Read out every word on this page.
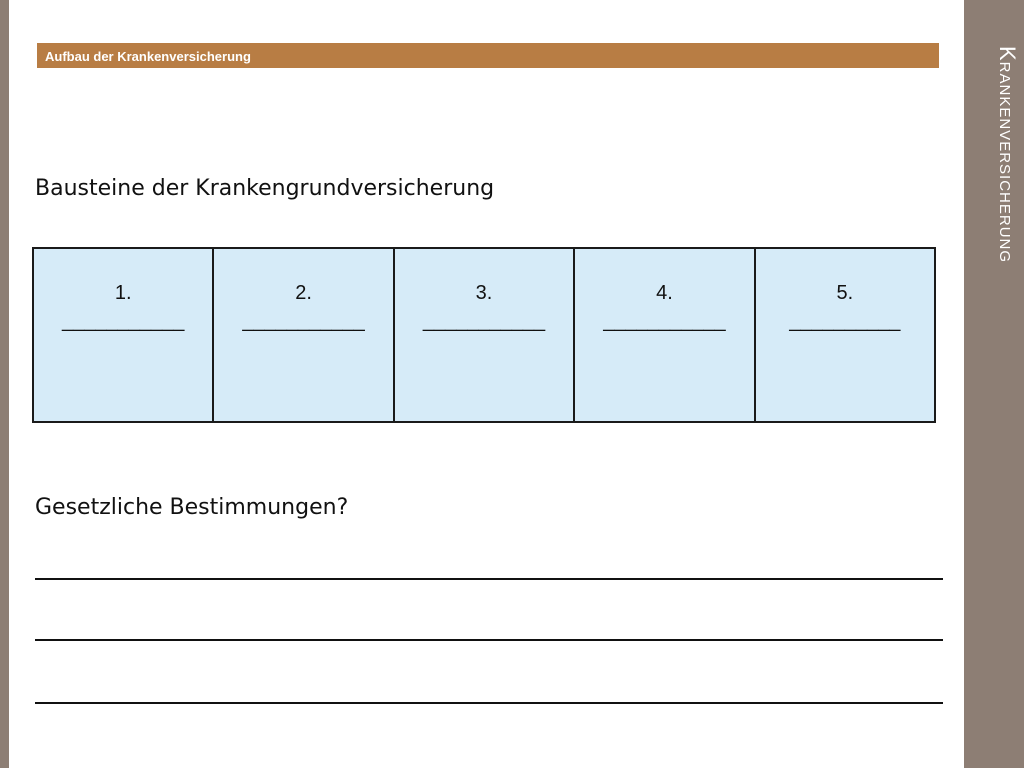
Krankenversicherung
Aufbau der Krankenversicherung
Bausteine der Krankengrundversicherung
1.
___________
2.
___________
3.
___________
4.
___________
5.
__________
Gesetzliche Bestimmungen?
